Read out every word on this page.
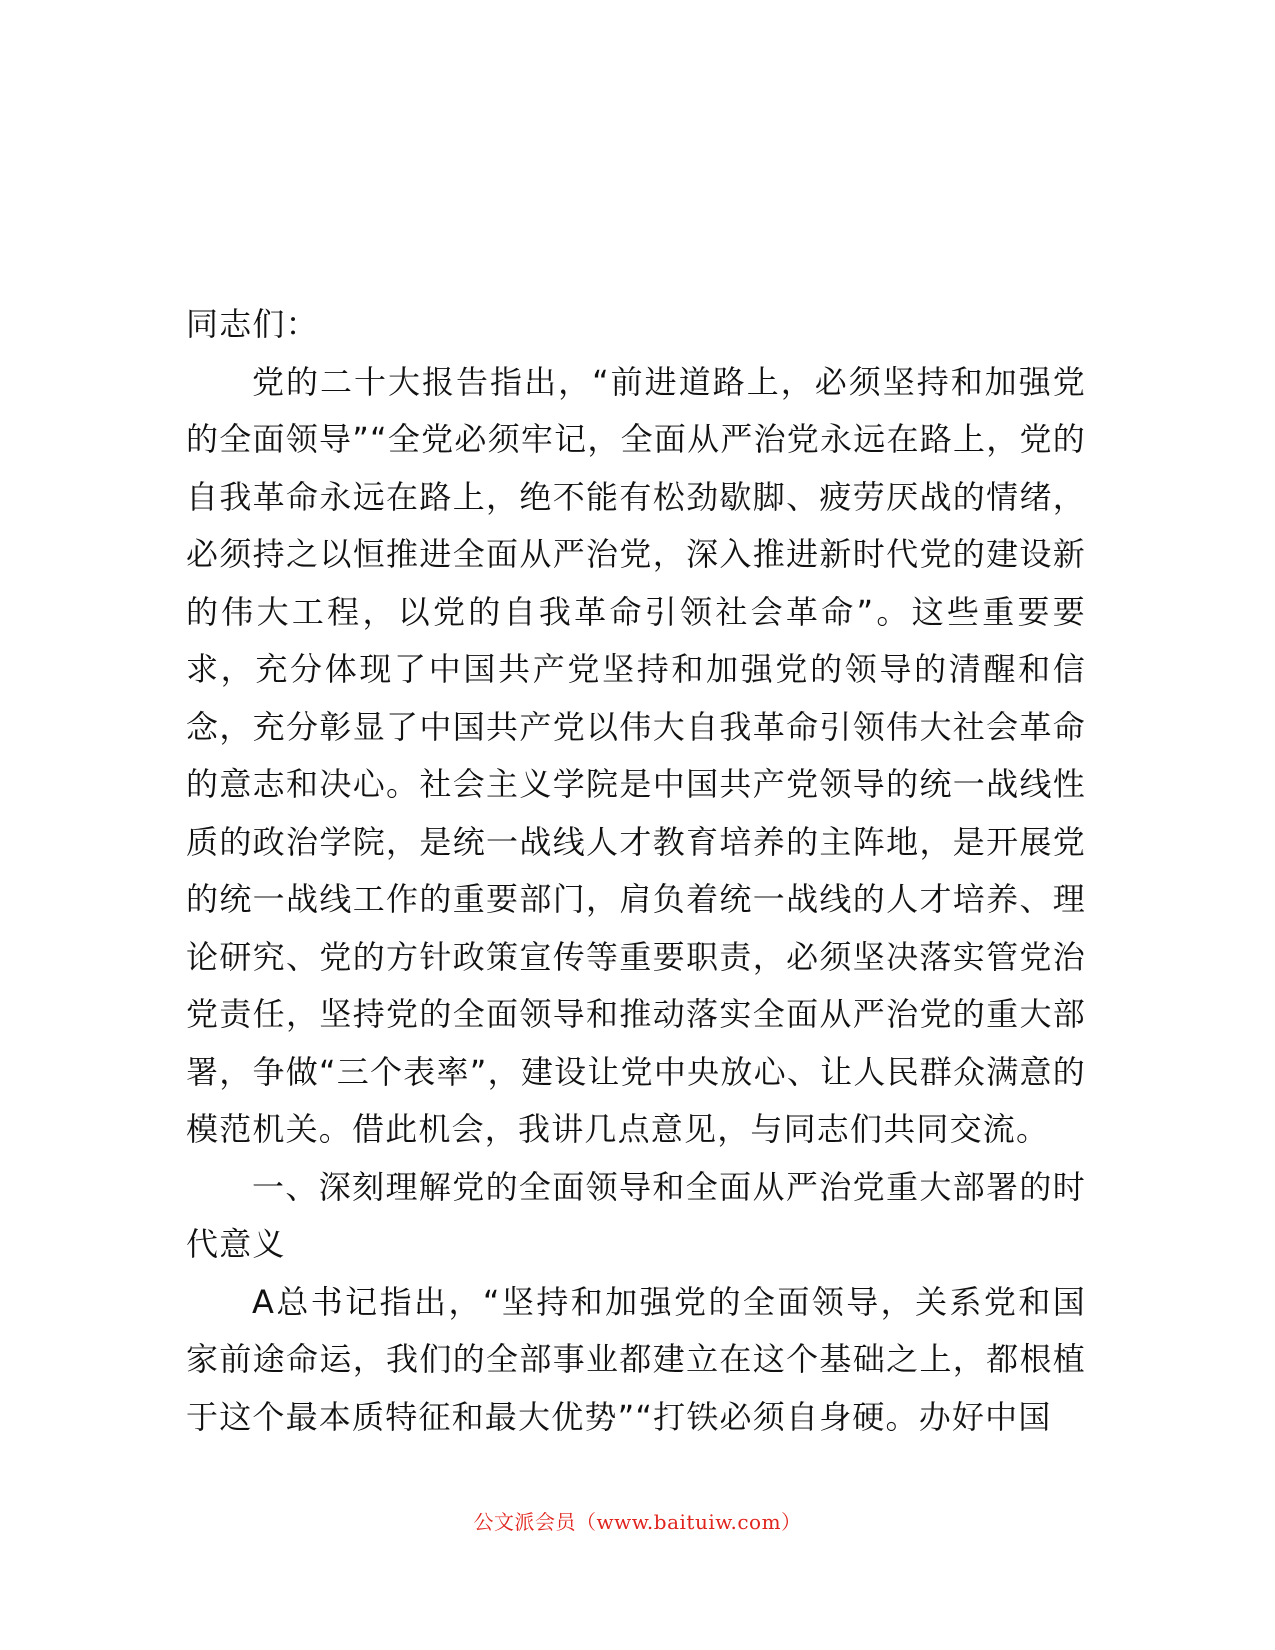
同志们：

党的二十大报告指出，“前进道路上，必须坚持和加强党的全面领导”“全党必须牢记，全面从严治党永远在路上，党的自我革命永远在路上，绝不能有松劲歇脚、疲劳厌战的情绪，必须持之以恒推进全面从严治党，深入推进新时代党的建设新的伟大工程，以党的自我革命引领社会革命”。这些重要要求，充分体现了中国共产党坚持和加强党的领导的清醒和信念，充分彰显了中国共产党以伟大自我革命引领伟大社会革命的意志和决心。社会主义学院是中国共产党领导的统一战线性质的政治学院，是统一战线人才教育培养的主阵地，是开展党的统一战线工作的重要部门，肩负着统一战线的人才培养、理论研究、党的方针政策宣传等重要职责，必须坚决落实管党治党责任，坚持党的全面领导和推动落实全面从严治党的重大部署，争做“三个表率”，建设让党中央放心、让人民群众满意的模范机关。借此机会，我讲几点意见，与同志们共同交流。

一、深刻理解党的全面领导和全面从严治党重大部署的时代意义

A总书记指出，“坚持和加强党的全面领导，关系党和国家前途命运，我们的全部事业都建立在这个基础之上，都根植于这个最本质特征和最大优势”“打铁必须自身硬。办好中国

公文派会员（www.baituiw.com）
